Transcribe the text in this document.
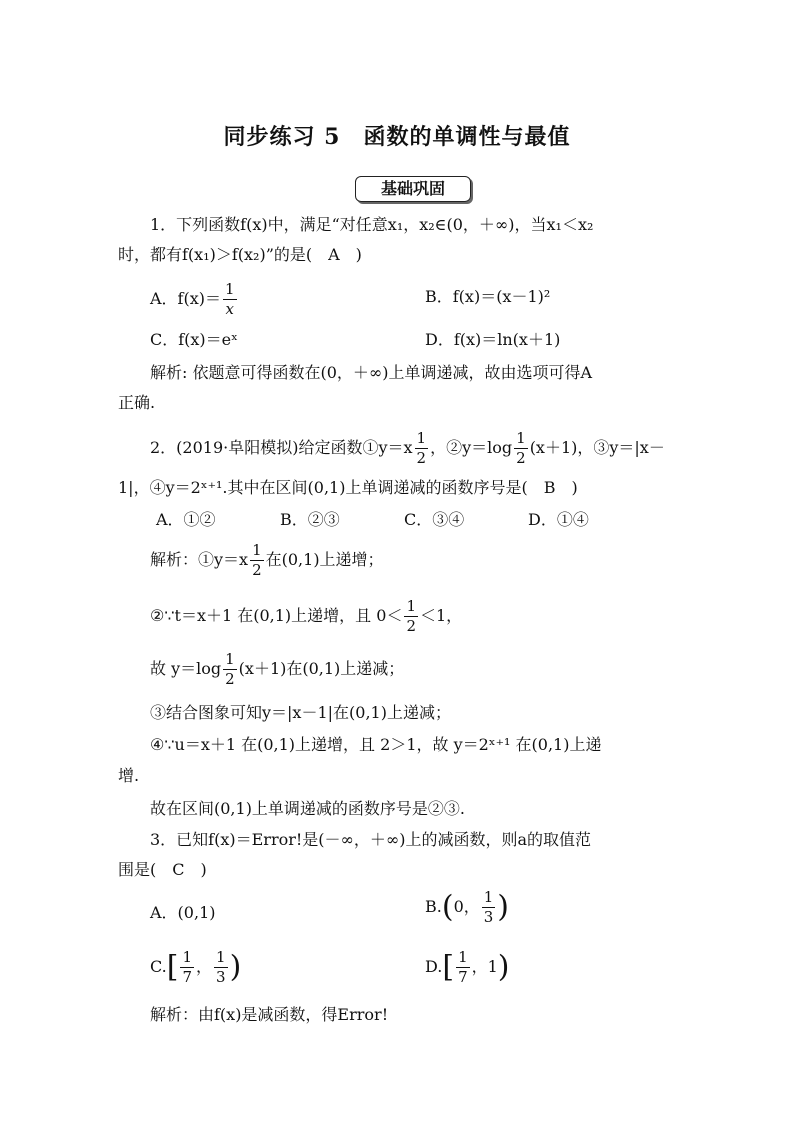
同步练习 5　函数的单调性与最值
基础巩固
1．下列函数f(x)中，满足“对任意x₁，x₂∈(0，＋∞)，当x₁＜x₂
时，都有f(x₁)＞f(x₂)”的是(　A　)
A．$f(x)= \frac{1}{x}$	B．f(x)＝(x－1)²
C．f(x)＝eˣ	D．f(x)＝ln(x＋1)
解析: 依题意可得函数在(0，＋∞)上单调递减，故由选项可得A
正确.
2．(2019·阜阳模拟)给定函数①y＝x $\frac{1}{2}$ ，②y＝log $\frac{1}{2} (x+1)$，③y＝|x－
1|，④y＝2ˣ⁺¹.其中在区间(0,1)上单调递减的函数序号是(　B　)
A．①②	B．②③	C．③④	D．①④
解析：①y＝x $\frac{1}{2}$ 在(0,1)上递增；
②∵t＝x＋1 在(0,1)上递增，且 $0< \frac{1}{2} <1$，
故 $y=\log \frac{1}{2} (x+1)$在(0,1)上递减；
③结合图象可知y＝|x－1|在(0,1)上递减；
④∵u＝x＋1 在(0,1)上递增，且 2＞1，故 y＝2ˣ⁺¹ 在(0,1)上递
增.
故在区间(0,1)上单调递减的函数序号是②③.
3．已知f(x)＝Error!是(－∞，＋∞)上的减函数，则a的取值范
围是(　C　)
A．(0,1)	B.(0， $\frac{1}{3}$ )
$C.[ \frac{1}{7}$ ， $\frac{1}{3}$ )	$D.[ \frac{1}{7}$ ，1)
解析：由f(x)是减函数，得Error!
